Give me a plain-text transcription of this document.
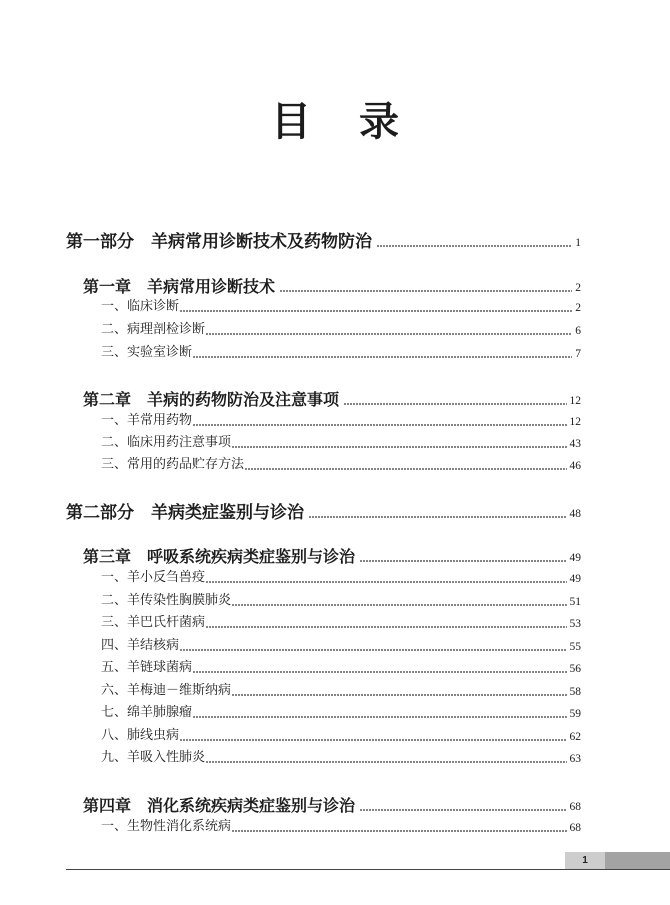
目 录
第一部分　羊病常用诊断技术及药物防治	1
第一章　羊病常用诊断技术	2
一、临床诊断	2
二、病理剖检诊断	6
三、实验室诊断	7
第二章　羊病的药物防治及注意事项	12
一、羊常用药物	12
二、临床用药注意事项	43
三、常用的药品贮存方法	46
第二部分　羊病类症鉴别与诊治	48
第三章　呼吸系统疾病类症鉴别与诊治	49
一、羊小反刍兽疫	49
二、羊传染性胸膜肺炎	51
三、羊巴氏杆菌病	53
四、羊结核病	55
五、羊链球菌病	56
六、羊梅迪－维斯纳病	58
七、绵羊肺腺瘤	59
八、肺线虫病	62
九、羊吸入性肺炎	63
第四章　消化系统疾病类症鉴别与诊治	68
一、生物性消化系统病	68
1
